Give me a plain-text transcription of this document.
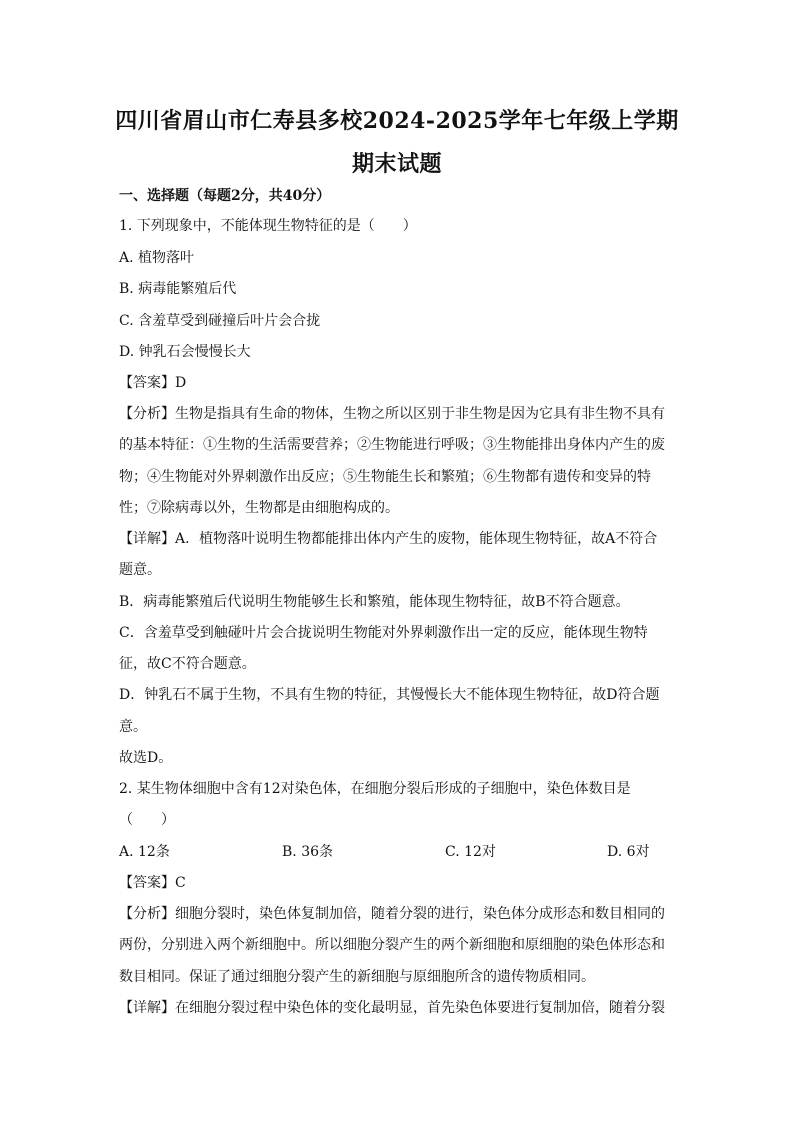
四川省眉山市仁寿县多校2024-2025学年七年级上学期
期末试题
一、选择题（每题2分，共40分）
1. 下列现象中，不能体现生物特征的是（　　）
A. 植物落叶
B. 病毒能繁殖后代
C. 含羞草受到碰撞后叶片会合拢
D. 钟乳石会慢慢长大
【答案】D
【分析】生物是指具有生命的物体，生物之所以区别于非生物是因为它具有非生物不具有
的基本特征：①生物的生活需要营养；②生物能进行呼吸；③生物能排出身体内产生的废
物；④生物能对外界刺激作出反应；⑤生物能生长和繁殖；⑥生物都有遗传和变异的特
性；⑦除病毒以外，生物都是由细胞构成的。
【详解】A．植物落叶说明生物都能排出体内产生的废物，能体现生物特征，故A不符合
题意。
B．病毒能繁殖后代说明生物能够生长和繁殖，能体现生物特征，故B不符合题意。
C．含羞草受到触碰叶片会合拢说明生物能对外界刺激作出一定的反应，能体现生物特
征，故C不符合题意。
D．钟乳石不属于生物，不具有生物的特征，其慢慢长大不能体现生物特征，故D符合题
意。
故选D。
2. 某生物体细胞中含有12对染色体，在细胞分裂后形成的子细胞中，染色体数目是
（　　）
A. 12条	B. 36条	C. 12对	D. 6对
【答案】C
【分析】细胞分裂时，染色体复制加倍，随着分裂的进行，染色体分成形态和数目相同的
两份，分别进入两个新细胞中。所以细胞分裂产生的两个新细胞和原细胞的染色体形态和
数目相同。保证了通过细胞分裂产生的新细胞与原细胞所含的遗传物质相同。
【详解】在细胞分裂过程中染色体的变化最明显，首先染色体要进行复制加倍，随着分裂
